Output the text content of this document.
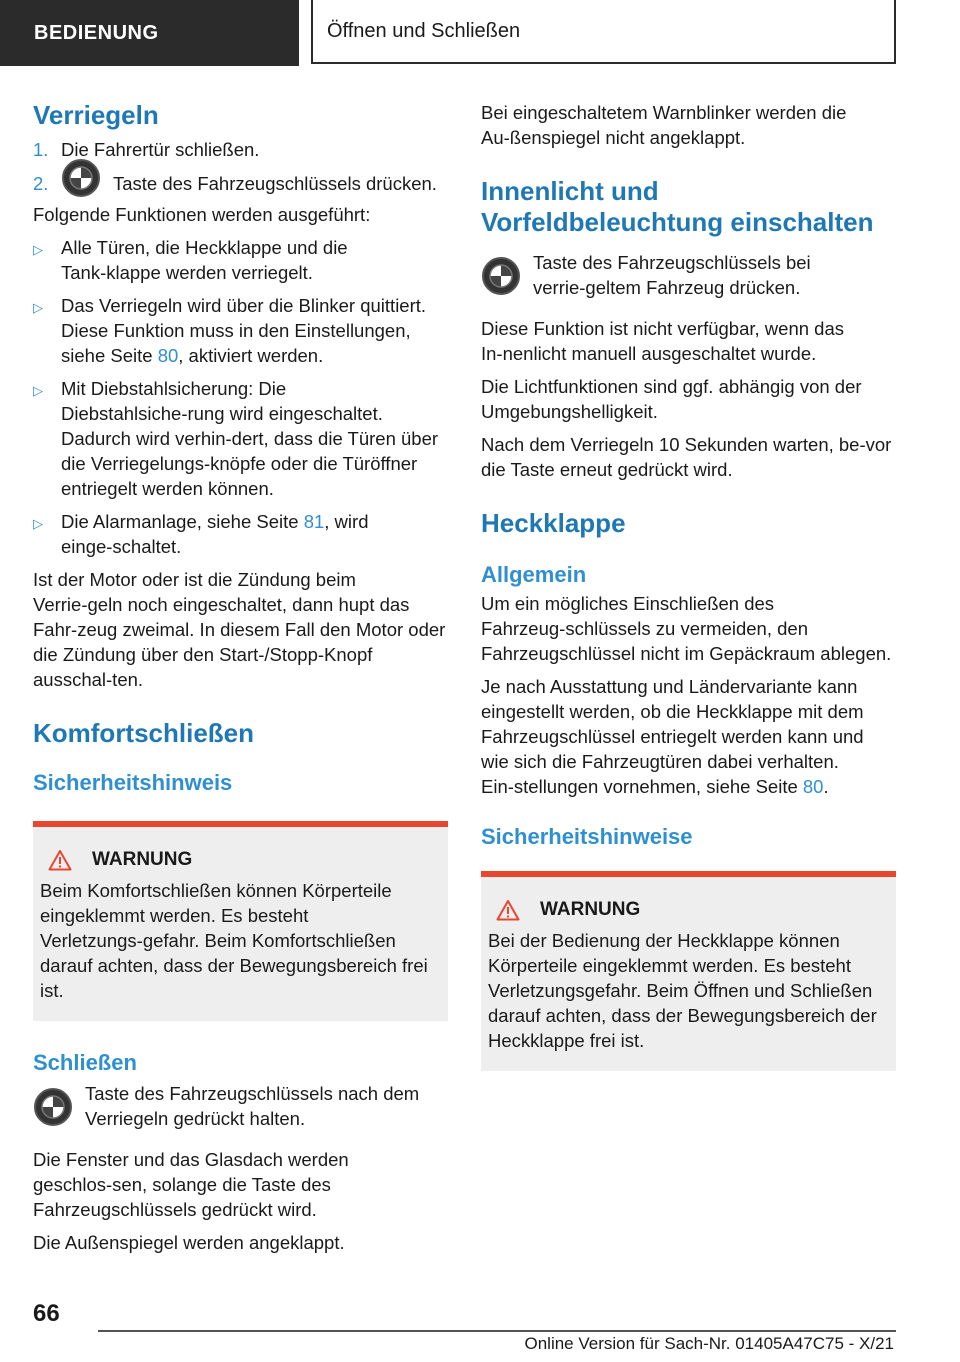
BEDIENUNG	Öffnen und Schließen
Verriegeln
1. Die Fahrertür schließen.
2.	Taste des Fahrzeugschlüssels drücken.

Folgende Funktionen werden ausgeführt:

▷ Alle Türen, die Heckklappe und die Tank‑klappe werden verriegelt.
▷ Das Verriegeln wird über die Blinker quittiert. Diese Funktion muss in den Einstellungen, siehe Seite 80, aktiviert werden.
▷ Mit Diebstahlsicherung: Die Diebstahlsiche‑rung wird eingeschaltet. Dadurch wird verhin‑dert, dass die Türen über die Verriegelungs‑knöpfe oder die Türöffner entriegelt werden können.
▷ Die Alarmanlage, siehe Seite 81, wird einge‑schaltet.

Ist der Motor oder ist die Zündung beim Verrie‑geln noch eingeschaltet, dann hupt das Fahr‑zeug zweimal. In diesem Fall den Motor oder die Zündung über den Start-/Stopp-Knopf ausschal‑ten.

Komfortschließen
Sicherheitshinweis
WARNUNG

Beim Komfortschließen können Körperteile eingeklemmt werden. Es besteht Verletzungs‑gefahr. Beim Komfortschließen darauf achten, dass der Bewegungsbereich frei ist.

Schließen

Taste des Fahrzeugschlüssels nach dem Verriegeln gedrückt halten.

Die Fenster und das Glasdach werden geschlos‑sen, solange die Taste des Fahrzeugschlüssels gedrückt wird.

Die Außenspiegel werden angeklappt.

Bei eingeschaltetem Warnblinker werden die Au‑ßenspiegel nicht angeklappt.

Innenlicht und Vorfeldbeleuchtung einschalten

Taste des Fahrzeugschlüssels bei verrie‑geltem Fahrzeug drücken.

Diese Funktion ist nicht verfügbar, wenn das In‑nenlicht manuell ausgeschaltet wurde.

Die Lichtfunktionen sind ggf. abhängig von der Umgebungshelligkeit.

Nach dem Verriegeln 10 Sekunden warten, be‑vor die Taste erneut gedrückt wird.

Heckklappe
Allgemein

Um ein mögliches Einschließen des Fahrzeug‑schlüssels zu vermeiden, den Fahrzeugschlüssel nicht im Gepäckraum ablegen.

Je nach Ausstattung und Ländervariante kann eingestellt werden, ob die Heckklappe mit dem Fahrzeugschlüssel entriegelt werden kann und wie sich die Fahrzeugtüren dabei verhalten. Ein‑stellungen vornehmen, siehe Seite 80.

Sicherheitshinweise
WARNUNG

Bei der Bedienung der Heckklappe können Körperteile eingeklemmt werden. Es besteht Verletzungsgefahr. Beim Öffnen und Schließen darauf achten, dass der Bewegungsbereich der Heckklappe frei ist.

66
Online Version für Sach-Nr. 01405A47C75 - X/21
